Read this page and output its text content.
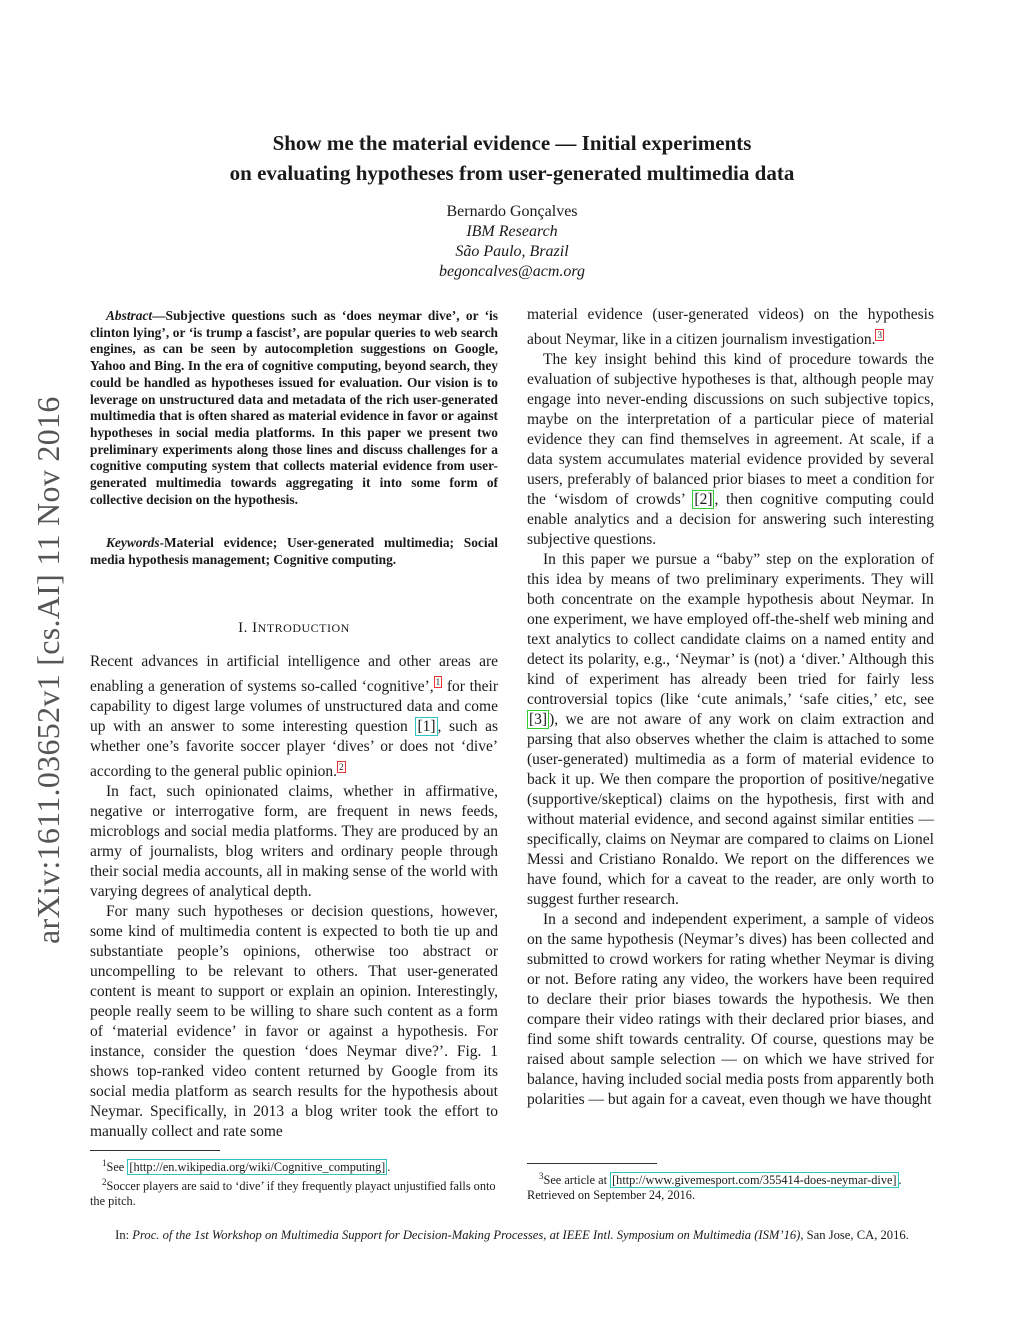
Show me the material evidence — Initial experiments
on evaluating hypotheses from user-generated multimedia data
Bernardo Gonçalves
IBM Research
São Paulo, Brazil
begoncalves@acm.org
arXiv:1611.03652v1 [cs.AI] 11 Nov 2016

Abstract—Subjective questions such as ‘does neymar dive’, or ‘is clinton lying’, or ‘is trump a fascist’, are popular queries to web search engines, as can be seen by autocompletion suggestions on Google, Yahoo and Bing. In the era of cognitive computing, beyond search, they could be handled as hypotheses issued for evaluation. Our vision is to leverage on unstructured data and metadata of the rich user-generated multimedia that is often shared as material evidence in favor or against hypotheses in social media platforms. In this paper we present two preliminary experiments along those lines and discuss challenges for a cognitive computing system that collects material evidence from user-generated multimedia towards aggregating it into some form of collective decision on the hypothesis.

Keywords-Material evidence; User-generated multimedia; Social media hypothesis management; Cognitive computing.
I. INTRODUCTION

Recent advances in artificial intelligence and other areas are enabling a generation of systems so-called ‘cognitive’, $^1$ for their capability to digest large volumes of unstructured data and come up with an answer to some interesting question [1] , such as whether one’s favorite soccer player ‘dives’ or does not ‘dive’ according to the general public opinion. $^2$

In fact, such opinionated claims, whether in affirmative, negative or interrogative form, are frequent in news feeds, microblogs and social media platforms. They are produced by an army of journalists, blog writers and ordinary people through their social media accounts, all in making sense of the world with varying degrees of analytical depth.

For many such hypotheses or decision questions, however, some kind of multimedia content is expected to both tie up and substantiate people’s opinions, otherwise too abstract or uncompelling to be relevant to others. That user-generated content is meant to support or explain an opinion. Interestingly, people really seem to be willing to share such content as a form of ‘material evidence’ in favor or against a hypothesis. For instance, consider the question ‘does Neymar dive?’. Fig. 1 shows top-ranked video content returned by Google from its social media platform as search results for the hypothesis about Neymar. Specifically, in 2013 a blog writer took the effort to manually collect and rate some

$^1$See [http://en.wikipedia.org/wiki/Cognitive_computing] .

$^2$Soccer players are said to ‘dive’ if they frequently playact unjustified falls onto the pitch.

material evidence (user-generated videos) on the hypothesis about Neymar, like in a citizen journalism investigation. $^3$

The key insight behind this kind of procedure towards the evaluation of subjective hypotheses is that, although people may engage into never-ending discussions on such subjective topics, maybe on the interpretation of a particular piece of material evidence they can find themselves in agreement. At scale, if a data system accumulates material evidence provided by several users, preferably of balanced prior biases to meet a condition for the ‘wisdom of crowds’ [2] , then cognitive computing could enable analytics and a decision for answering such interesting subjective questions.

In this paper we pursue a “baby” step on the exploration of this idea by means of two preliminary experiments. They will both concentrate on the example hypothesis about Neymar. In one experiment, we have employed off-the-shelf web mining and text analytics to collect candidate claims on a named entity and detect its polarity, e.g., ‘Neymar’ is (not) a ‘diver.’ Although this kind of experiment has already been tried for fairly less controversial topics (like ‘cute animals,’ ‘safe cities,’ etc, see [3] ), we are not aware of any work on claim extraction and parsing that also observes whether the claim is attached to some (user-generated) multimedia as a form of material evidence to back it up. We then compare the proportion of positive/negative (supportive/skeptical) claims on the hypothesis, first with and without material evidence, and second against similar entities — specifically, claims on Neymar are compared to claims on Lionel Messi and Cristiano Ronaldo. We report on the differences we have found, which for a caveat to the reader, are only worth to suggest further research.

In a second and independent experiment, a sample of videos on the same hypothesis (Neymar’s dives) has been collected and submitted to crowd workers for rating whether Neymar is diving or not. Before rating any video, the workers have been required to declare their prior biases towards the hypothesis. We then compare their video ratings with their declared prior biases, and find some shift towards centrality. Of course, questions may be raised about sample selection — on which we have strived for balance, having included social media posts from apparently both polarities — but again for a caveat, even though we have thought

$^3$See article at [http://www.givemesport.com/355414-does-neymar-dive] . Retrieved on September 24, 2016.

In: Proc. of the 1st Workshop on Multimedia Support for Decision-Making Processes, at IEEE Intl. Symposium on Multimedia (ISM’16), San Jose, CA, 2016.
